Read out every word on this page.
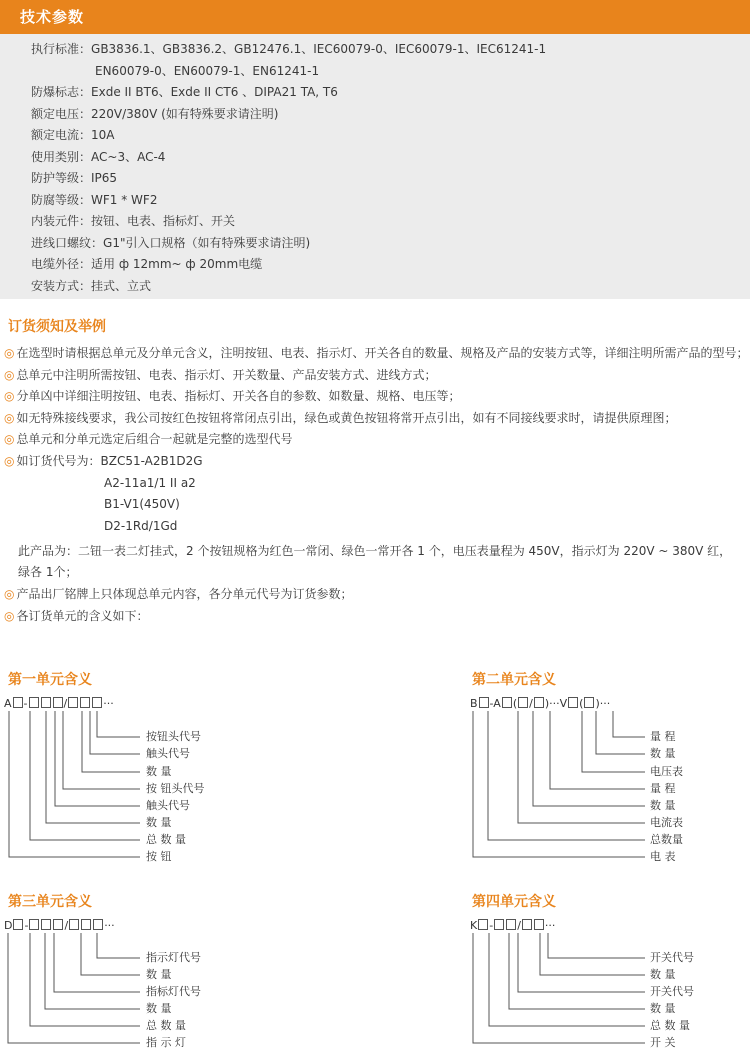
技术参数
执行标准：GB3836.1、GB3836.2、GB12476.1、IEC60079-0、IEC60079-1、IEC61241-1
EN60079-0、EN60079-1、EN61241-1
防爆标志：Exde II BT6、Exde II CT6 、DIPA21 TA, T6
额定电压：220V/380V (如有特殊要求请注明)
额定电流：10A
使用类别：AC~3、AC-4
防护等级：IP65
防腐等级：WF1 * WF2
内装元件：按钮、电表、指标灯、开关
进线口螺纹：G1"引入口规格（如有特殊要求请注明)
电缆外径：适用 ф 12mm~ ф 20mm电缆
安装方式：挂式、立式
订货须知及举例
◎ 在选型时请根据总单元及分单元含义，注明按钮、电表、指示灯、开关各自的数量、规格及产品的安装方式等，详细注明所需产品的型号；
◎ 总单元中注明所需按钮、电表、指示灯、开关数量、产品安装方式、进线方式；
◎ 分单凶中详细注明按钮、电表、指标灯、开关各自的参数、如数量、规格、电压等；
◎ 如无特殊接线要求，我公司按红色按钮将常闭点引出，绿色或黄色按钮将常开点引出，如有不同接线要求时，请提供原理图；
◎ 总单元和分单元选定后组合一起就是完整的选型代号
◎ 如订货代号为：BZC51-A2B1D2G
A2-11a1/1 II a2
B1-V1(450V)
D2-1Rd/1Gd
此产品为：二钮一表二灯挂式，2 个按钮规格为红色一常闭、绿色一常开各 1 个，电压表量程为 450V，指示灯为 220V ~ 380V 红，
绿各 1个；
◎ 产品出厂铭牌上只体现总单元内容，各分单元代号为订货参数；
◎ 各订货单元的含义如下：
第一单元含义	第二单元含义
第三单元含义	第四单元含义
A -	/	···	B -A ( / )···V ( )···
D -	/	···	K - / ···
按钮头代号
触头代号
数 量
按 钮头代号
触头代号
数 量
总 数 量
按 钮
量 程
数 量
电压表
量 程
数 量
电流表
总数量
电 表
指示灯代号
数 量
指标灯代号
数 量
总 数 量
指 示 灯
开关代号
数 量
开关代号
数 量
总 数 量
开 关
